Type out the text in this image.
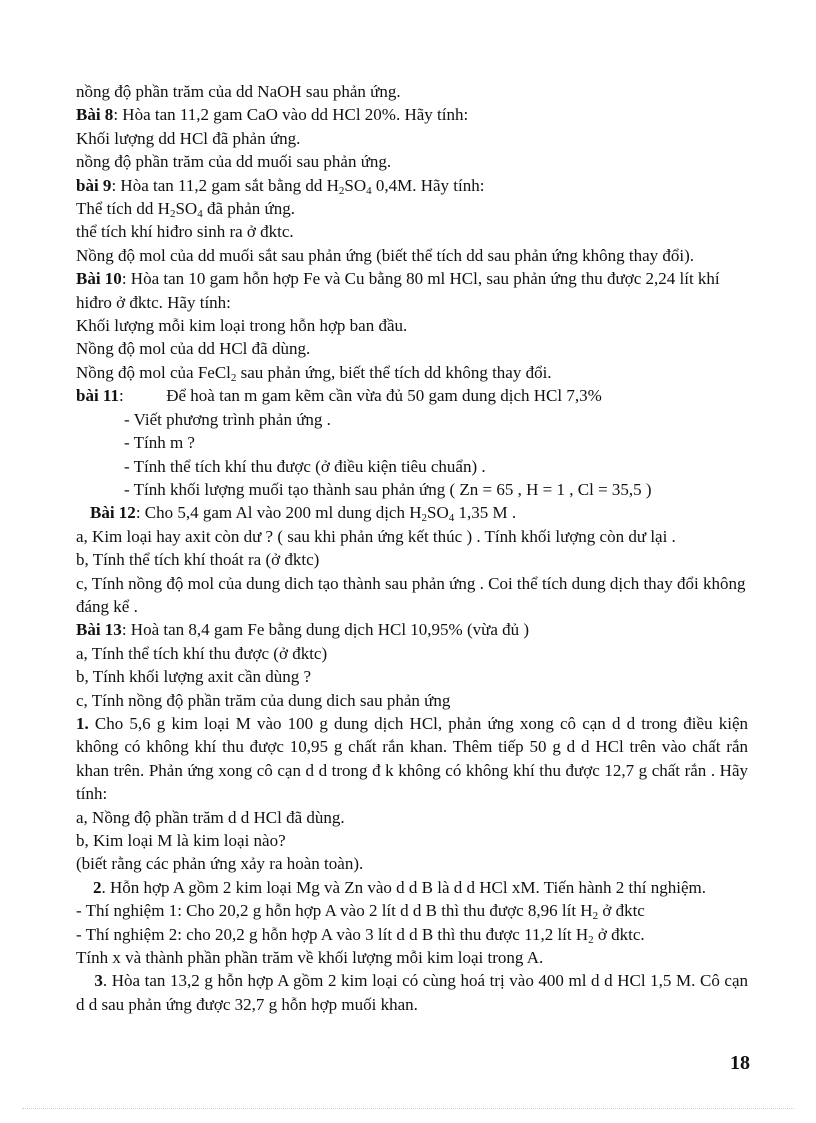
nồng độ phần trăm của dd NaOH sau phản ứng.
Bài 8: Hòa tan 11,2 gam CaO vào dd HCl 20%. Hãy tính:
Khối lượng dd HCl đã phản ứng.
nồng độ phần trăm của dd muối sau phản ứng.
bài 9: Hòa tan 11,2 gam sắt bằng dd $H_2SO_4$ 0,4M. Hãy tính:
Thể tích dd $H_2SO_4$ đã phản ứng.
thể tích khí hiđro sinh ra ở đktc.
Nồng độ mol của dd muối sắt sau phản ứng (biết thể tích dd sau phản ứng không thay đổi).
Bài 10: Hòa tan 10 gam hỗn hợp Fe và Cu bằng 80 ml HCl, sau phản ứng thu được 2,24 lít khí hiđro ở đktc. Hãy tính:
Khối lượng mỗi kim loại trong hỗn hợp ban đầu.
Nồng độ mol của dd HCl đã dùng.
Nồng độ mol của FeCl$_2$ sau phản ứng, biết thể tích dd không thay đổi.
bài 11:          Để hoà tan m gam kẽm cần vừa đủ 50 gam dung dịch HCl 7,3%
- Viết phương trình phản ứng .
- Tính m ?
- Tính thể tích khí thu được (ở điều kiện tiêu chuẩn) .
- Tính khối lượng muối tạo thành sau phản ứng ( Zn = 65 , H = 1 , Cl = 35,5 )
Bài 12: Cho 5,4 gam Al vào 200 ml dung dịch $H_2SO_4$ 1,35 M .
a, Kim loại hay axit còn dư ? ( sau khi phản ứng kết thúc ) . Tính khối lượng còn dư lại .
b, Tính thể tích khí thoát ra (ở đktc)
c, Tính nồng độ mol của dung dich tạo thành sau phản ứng . Coi thể tích dung dịch thay đổi không đáng kể .
Bài 13: Hoà tan 8,4 gam Fe bằng dung dịch HCl 10,95% (vừa đủ )
a, Tính thể tích khí thu được (ở đktc)
b, Tính khối lượng axit cần dùng ?
c, Tính nồng độ phần trăm của dung dich sau phản ứng
1. Cho 5,6 g kim loại M vào 100 g dung dịch HCl, phản ứng xong cô cạn d d trong điều kiện không có không khí thu được 10,95 g chất rắn khan. Thêm tiếp 50 g d d HCl trên vào chất rắn khan trên. Phản ứng xong cô cạn d d trong đ k không có không khí thu được 12,7 g chất rắn . Hãy tính:
a, Nồng độ phần trăm d d HCl đã dùng.
b, Kim loại M là kim loại nào?
(biết rằng các phản ứng xảy ra hoàn toàn).
2. Hỗn hợp A gồm 2 kim loại Mg và Zn vào d d B là d d HCl xM. Tiến hành 2 thí nghiệm.
- Thí nghiệm 1: Cho 20,2 g hỗn hợp A vào 2 lít d d B thì thu được 8,96 lít $H_2$ ở đktc
- Thí nghiệm 2: cho 20,2 g hỗn hợp A vào 3 lít d d B thì thu được 11,2 lít $H_2$ ở đktc.
Tính x và thành phần phần trăm về khối lượng mỗi kim loại trong A.
3. Hòa tan 13,2 g hỗn hợp A gồm 2 kim loại có cùng hoá trị vào 400 ml d d HCl 1,5 M. Cô cạn d d sau phản ứng được 32,7 g hỗn hợp muối khan.
18
